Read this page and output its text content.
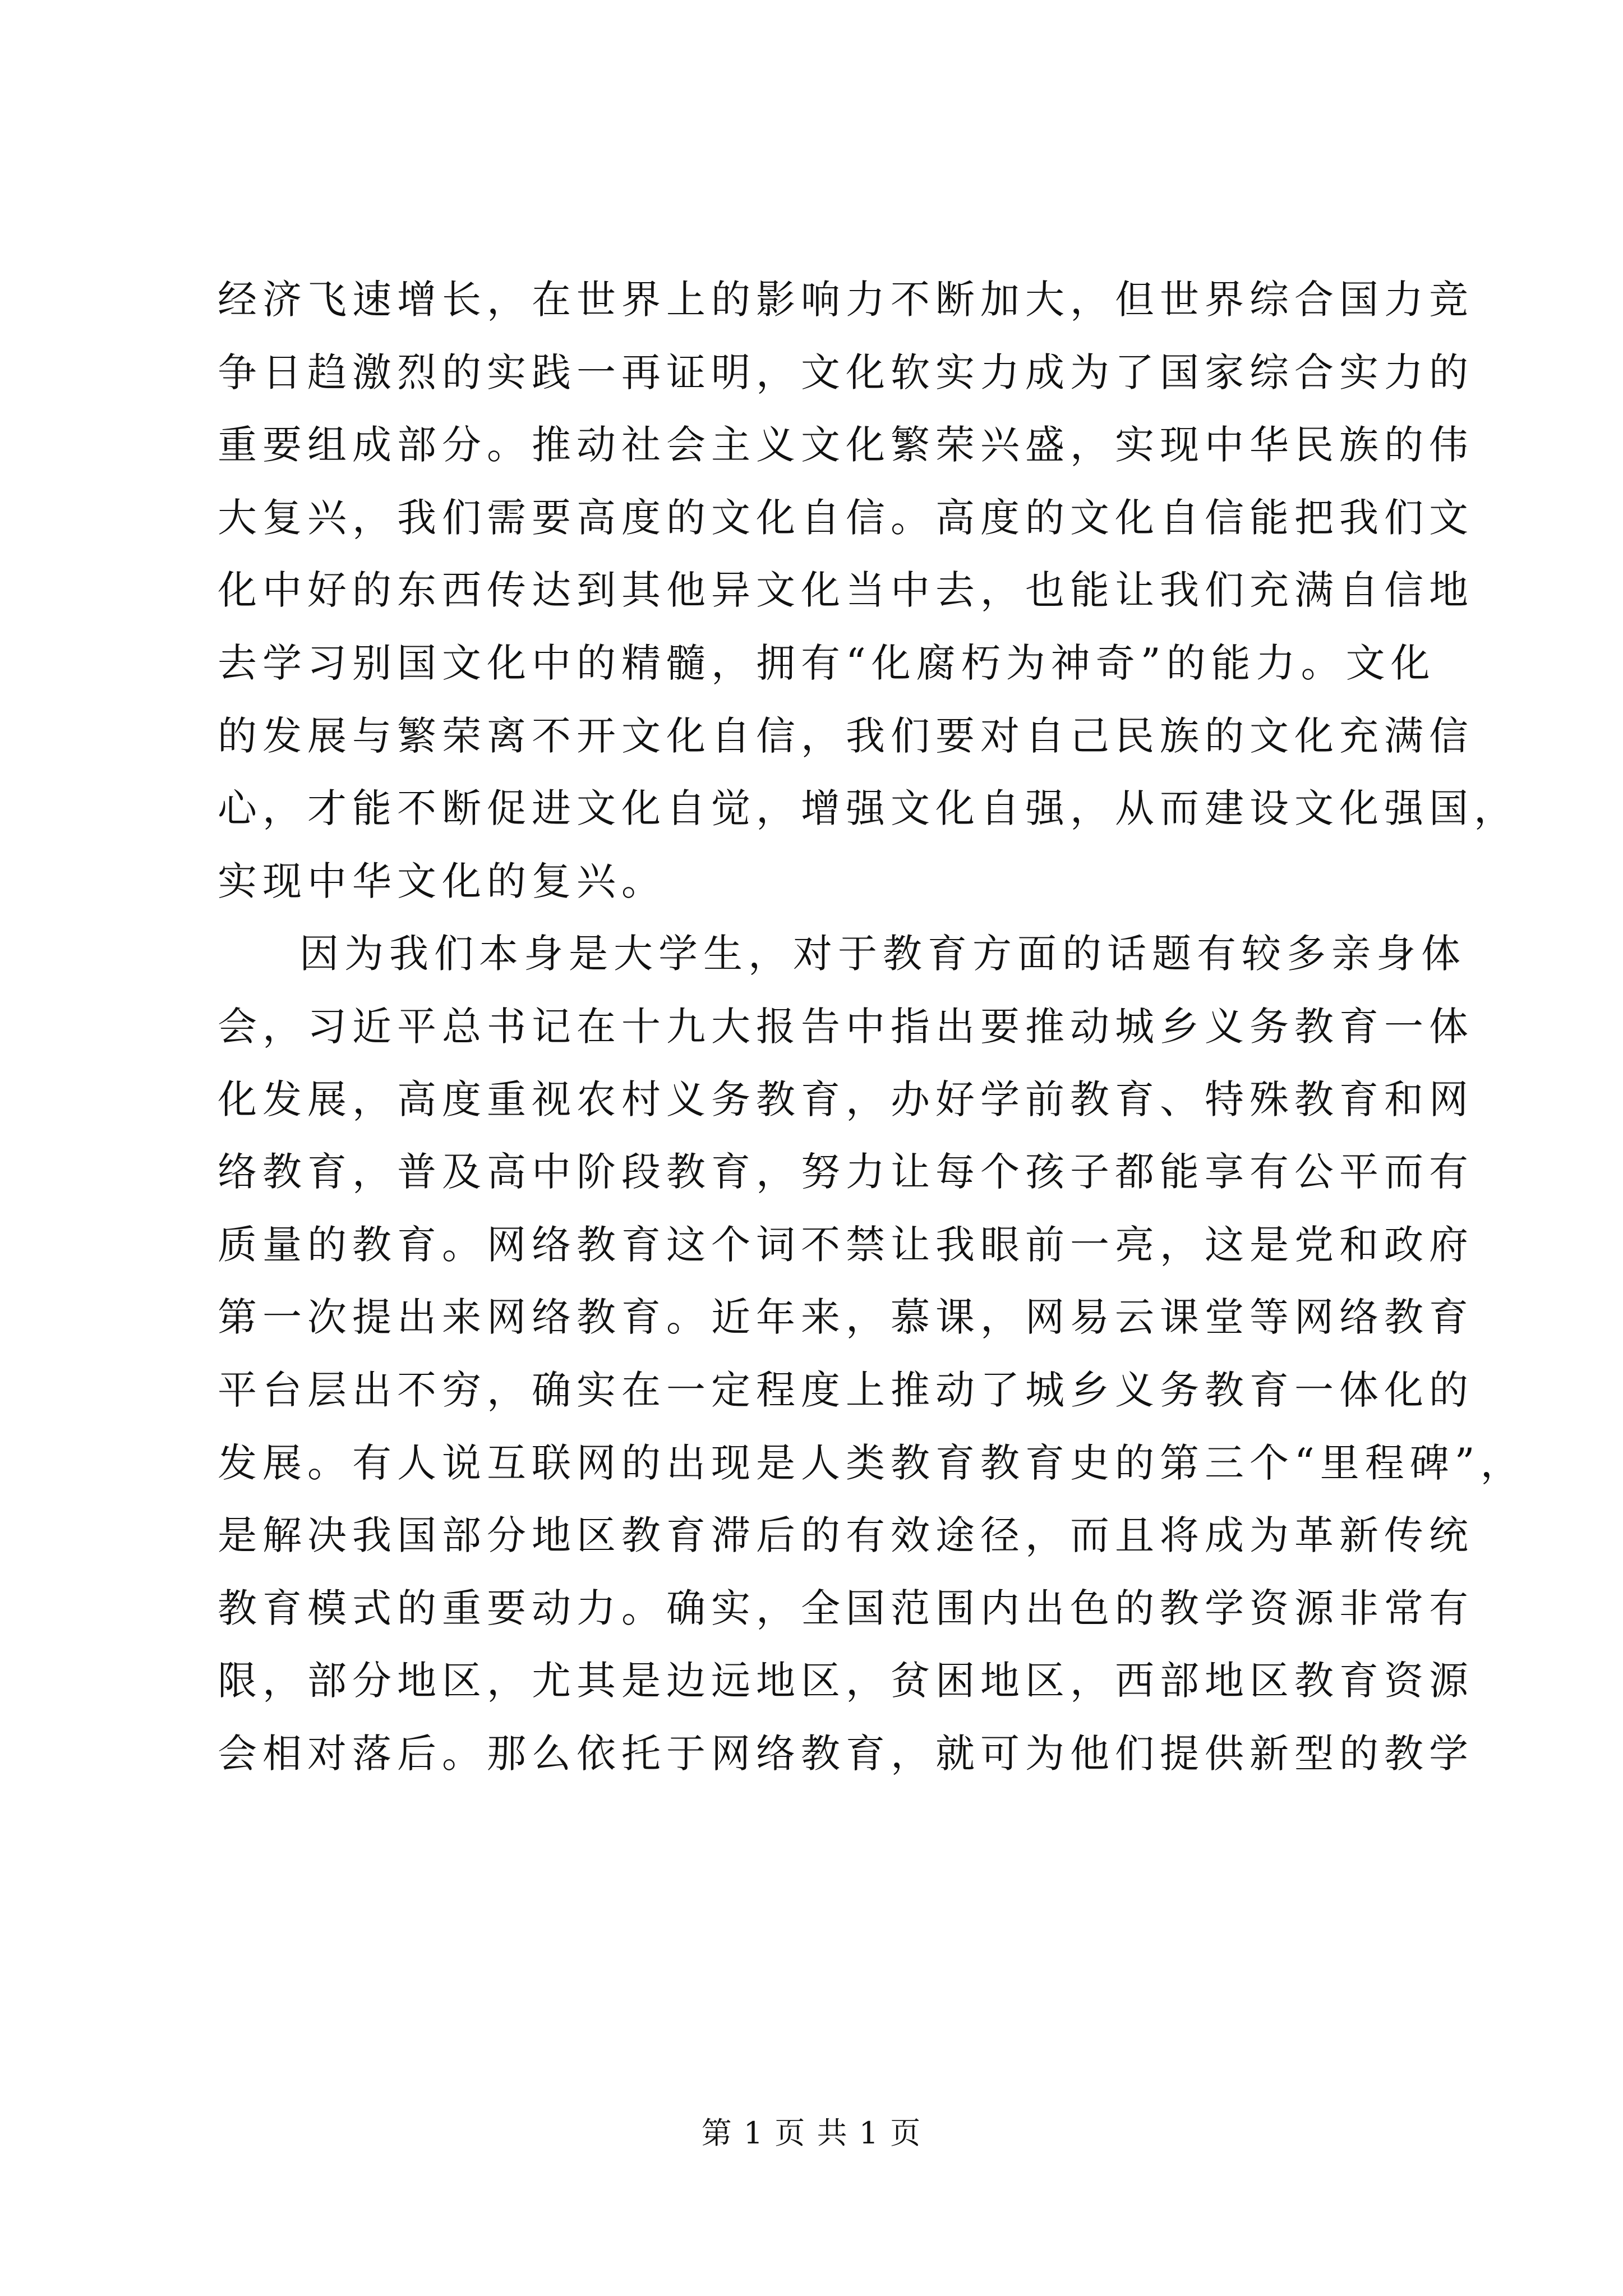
经济飞速增长，在世界上的影响力不断加大，但世界综合国力竞
争日趋激烈的实践一再证明，文化软实力成为了国家综合实力的
重要组成部分。推动社会主义文化繁荣兴盛，实现中华民族的伟
大复兴，我们需要高度的文化自信。高度的文化自信能把我们文
化中好的东西传达到其他异文化当中去，也能让我们充满自信地
去学习别国文化中的精髓，拥有“化腐朽为神奇”的能力。文化
的发展与繁荣离不开文化自信，我们要对自己民族的文化充满信
心，才能不断促进文化自觉，增强文化自强，从而建设文化强国，
实现中华文化的复兴。
因为我们本身是大学生，对于教育方面的话题有较多亲身体
会，习近平总书记在十九大报告中指出要推动城乡义务教育一体
化发展，高度重视农村义务教育，办好学前教育、特殊教育和网
络教育，普及高中阶段教育，努力让每个孩子都能享有公平而有
质量的教育。网络教育这个词不禁让我眼前一亮，这是党和政府
第一次提出来网络教育。近年来，慕课，网易云课堂等网络教育
平台层出不穷，确实在一定程度上推动了城乡义务教育一体化的
发展。有人说互联网的出现是人类教育教育史的第三个“里程碑”，
是解决我国部分地区教育滞后的有效途径，而且将成为革新传统
教育模式的重要动力。确实，全国范围内出色的教学资源非常有
限，部分地区，尤其是边远地区，贫困地区，西部地区教育资源
会相对落后。那么依托于网络教育，就可为他们提供新型的教学
第 1 页 共 1 页
